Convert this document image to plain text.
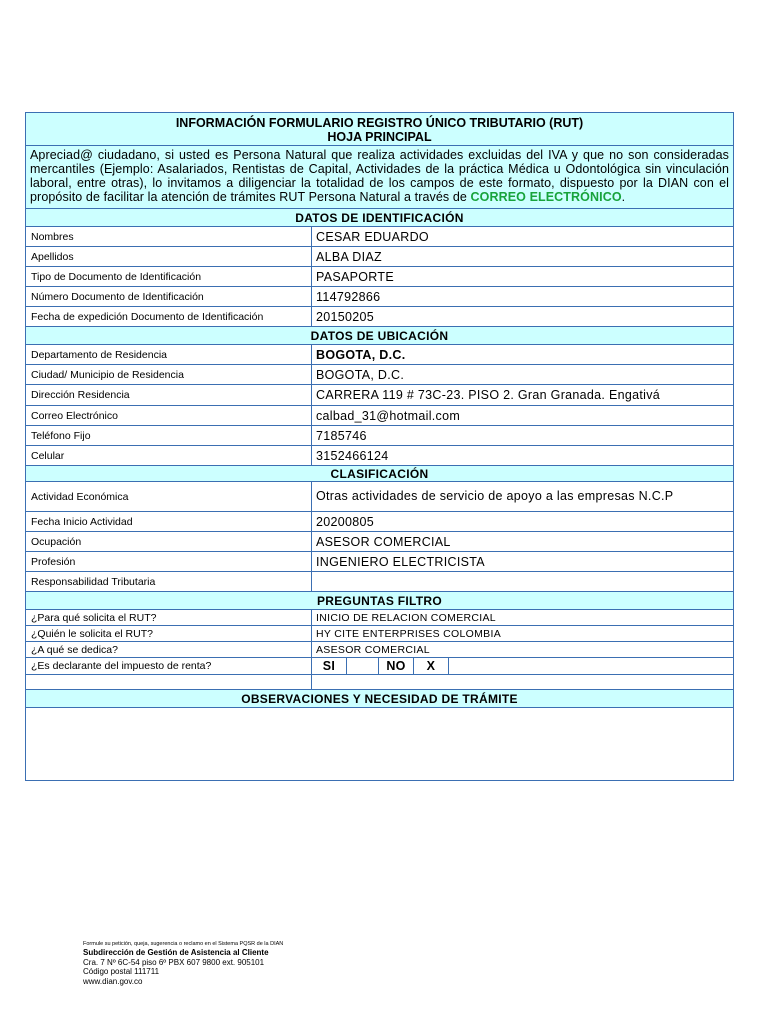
INFORMACIÓN FORMULARIO REGISTRO ÚNICO TRIBUTARIO (RUT)
HOJA PRINCIPAL
Apreciad@ ciudadano, si usted es Persona Natural que realiza actividades excluidas del IVA y que no son consideradas mercantiles (Ejemplo: Asalariados, Rentistas de Capital, Actividades de la práctica Médica u Odontológica sin vinculación laboral, entre otras), lo invitamos a diligenciar la totalidad de los campos de este formato, dispuesto por la DIAN con el propósito de facilitar la atención de trámites RUT Persona Natural a través de CORREO ELECTRÓNICO.
DATOS DE IDENTIFICACIÓN
Nombres	CESAR EDUARDO
Apellidos	ALBA DIAZ
Tipo de Documento de Identificación	PASAPORTE
Número Documento de Identificación	114792866
Fecha de expedición Documento de Identificación	20150205
DATOS DE UBICACIÓN
Departamento de Residencia	BOGOTA, D.C.
Ciudad/ Municipio de Residencia	BOGOTA, D.C.
Dirección Residencia	CARRERA 119 # 73C-23. PISO 2. Gran Granada. Engativá
Correo Electrónico	calbad_31@hotmail.com
Teléfono Fijo	7185746
Celular	3152466124
CLASIFICACIÓN
Actividad Económica	Otras actividades de servicio de apoyo a las empresas N.C.P
Fecha Inicio Actividad	20200805
Ocupación	ASESOR COMERCIAL
Profesión	INGENIERO ELECTRICISTA
Responsabilidad Tributaria
PREGUNTAS FILTRO
¿Para qué solicita el RUT?	INICIO DE RELACION COMERCIAL
¿Quién le solicita el RUT?	HY CITE ENTERPRISES COLOMBIA
¿A qué se dedica?	ASESOR COMERCIAL
¿Es declarante del impuesto de renta?	SI	NO	X
OBSERVACIONES Y NECESIDAD DE TRÁMITE
Formule su petición, queja, sugerencia o reclamo en el Sistema PQSR de la DIAN
Subdirección de Gestión de Asistencia al Cliente
Cra. 7 Nº 6C-54 piso 6º PBX 607 9800 ext. 905101
Código postal 111711
www.dian.gov.co
